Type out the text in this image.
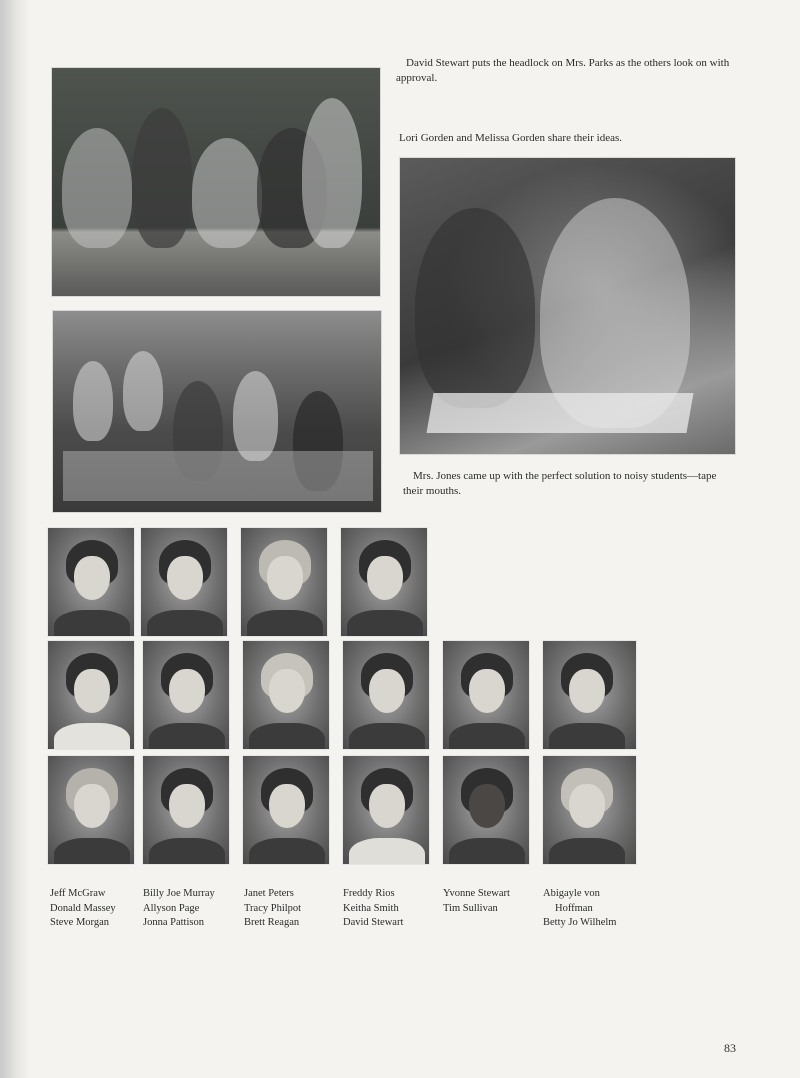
David Stewart puts the headlock on Mrs. Parks as the others look on with approval.
Lori Gorden and Melissa Gorden share their ideas.
Mrs. Jones came up with the perfect solution to noisy students—tape their mouths.
Jeff McGraw
Donald Massey
Steve Morgan
Billy Joe Murray
Allyson Page
Jonna Pattison
Janet Peters
Tracy Philpot
Brett Reagan
Freddy Rios
Keitha Smith
David Stewart
Yvonne Stewart
Tim Sullivan
Abigayle von
Hoffman
Betty Jo Wilhelm
83
